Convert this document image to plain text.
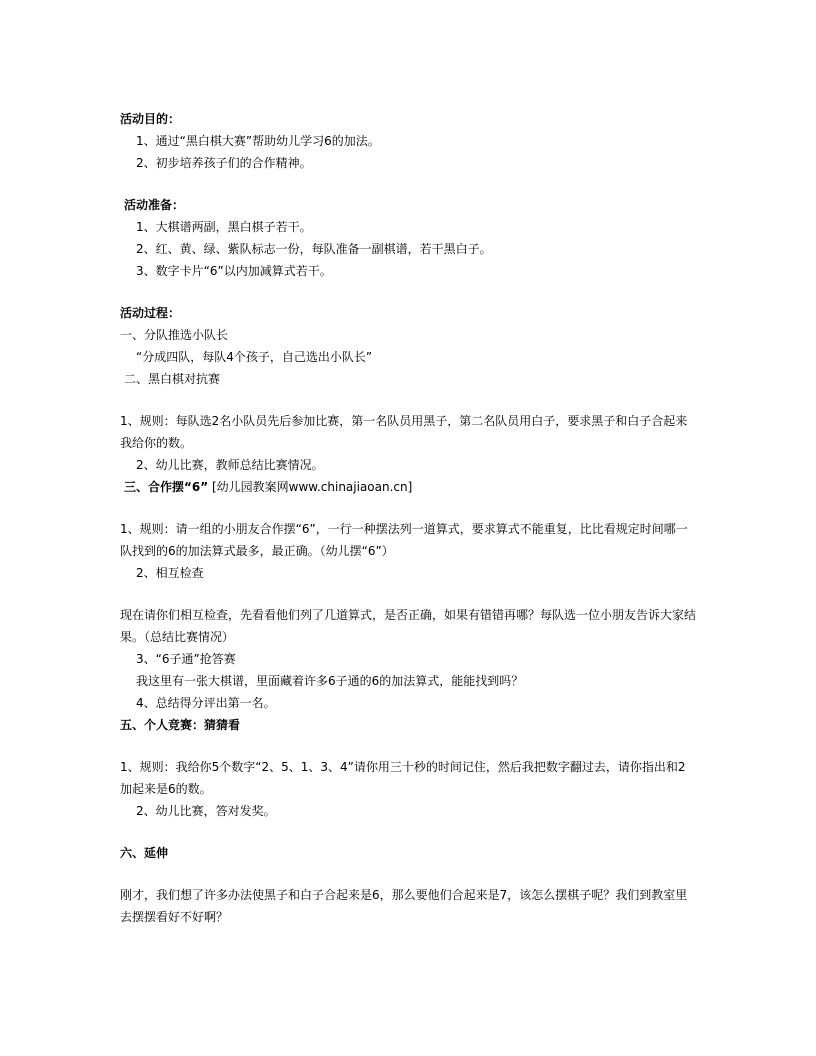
活动目的：
1、通过“黑白棋大赛”帮助幼儿学习6的加法。
2、初步培养孩子们的合作精神。
活动准备：
1、大棋谱两副，黑白棋子若干。
2、红、黄、绿、紫队标志一份，每队准备一副棋谱，若干黑白子。
3、数字卡片“6”以内加减算式若干。
活动过程：
一、分队推选小队长
“分成四队，每队4个孩子，自己选出小队长”
二、黑白棋对抗赛
1、规则：每队选2名小队员先后参加比赛，第一名队员用黑子，第二名队员用白子，要求黑子和白子合起来
我给你的数。
2、幼儿比赛，教师总结比赛情况。
三、合作摆“6” [幼儿园教案网www.chinajiaoan.cn]
1、规则：请一组的小朋友合作摆“6”，一行一种摆法列一道算式，要求算式不能重复，比比看规定时间哪一
队找到的6的加法算式最多，最正确。（幼儿摆“6”）
2、相互检查
现在请你们相互检查，先看看他们列了几道算式，是否正确，如果有错错再哪？每队选一位小朋友告诉大家结
果。（总结比赛情况）
3、“6子通”抢答赛
我这里有一张大棋谱，里面藏着许多6子通的6的加法算式，能能找到吗？
4、总结得分评出第一名。
五、个人竞赛：猜猜看
1、规则：我给你5个数字“2、5、1、3、4”请你用三十秒的时间记住，然后我把数字翻过去，请你指出和2
加起来是6的数。
2、幼儿比赛，答对发奖。
六、延伸
刚才，我们想了许多办法使黑子和白子合起来是6，那么要他们合起来是7，该怎么摆棋子呢？我们到教室里
去摆摆看好不好啊？
